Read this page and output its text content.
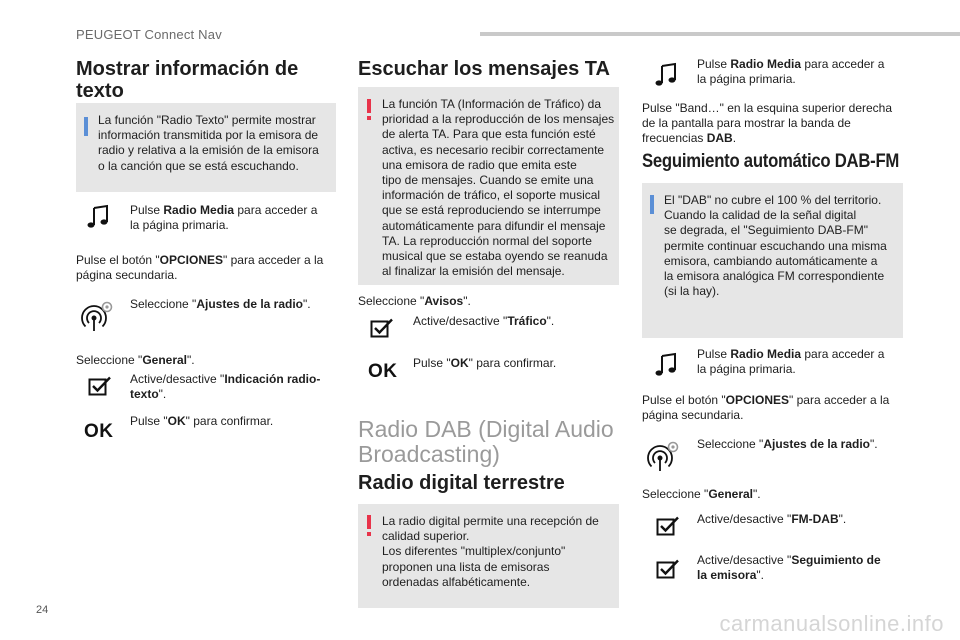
PEUGEOT Connect Nav
Mostrar información de
texto

La función "Radio Texto" permite mostrar
información transmitida por la emisora de
radio y relativa a la emisión de la emisora
o la canción que se está escuchando.

Pulse Radio Media para acceder a
la página primaria.

Pulse el botón "OPCIONES" para acceder a la
página secundaria.

Seleccione "Ajustes de la radio".

Seleccione "General".

Active/desactive "Indicación radio-
texto".

OK Pulse "OK" para confirmar.

Escuchar los mensajes TA

La función TA (Información de Tráfico) da
prioridad a la reproducción de los mensajes
de alerta TA. Para que esta función esté
activa, es necesario recibir correctamente
una emisora de radio que emita este
tipo de mensajes. Cuando se emite una
información de tráfico, el soporte musical
que se está reproduciendo se interrumpe
automáticamente para difundir el mensaje
TA. La reproducción normal del soporte
musical que se estaba oyendo se reanuda
al finalizar la emisión del mensaje.

Seleccione "Avisos".

Active/desactive "Tráfico".

OK Pulse "OK" para confirmar.

Radio DAB (Digital Audio
Broadcasting)
Radio digital terrestre

La radio digital permite una recepción de
calidad superior.
Los diferentes "multiplex/conjunto"
proponen una lista de emisoras
ordenadas alfabéticamente.

Pulse Radio Media para acceder a
la página primaria.

Pulse "Band…" en la esquina superior derecha
de la pantalla para mostrar la banda de
frecuencias DAB.

Seguimiento automático DAB-FM

El "DAB" no cubre el 100 % del territorio.
Cuando la calidad de la señal digital
se degrada, el "Seguimiento DAB-FM"
permite continuar escuchando una misma
emisora, cambiando automáticamente a
la emisora analógica FM correspondiente
(si la hay).

Pulse Radio Media para acceder a
la página primaria.

Pulse el botón "OPCIONES" para acceder a la
página secundaria.

Seleccione "Ajustes de la radio".

Seleccione "General".

Active/desactive "FM-DAB".

Active/desactive "Seguimiento de
la emisora".

24
carmanualsonline.info
